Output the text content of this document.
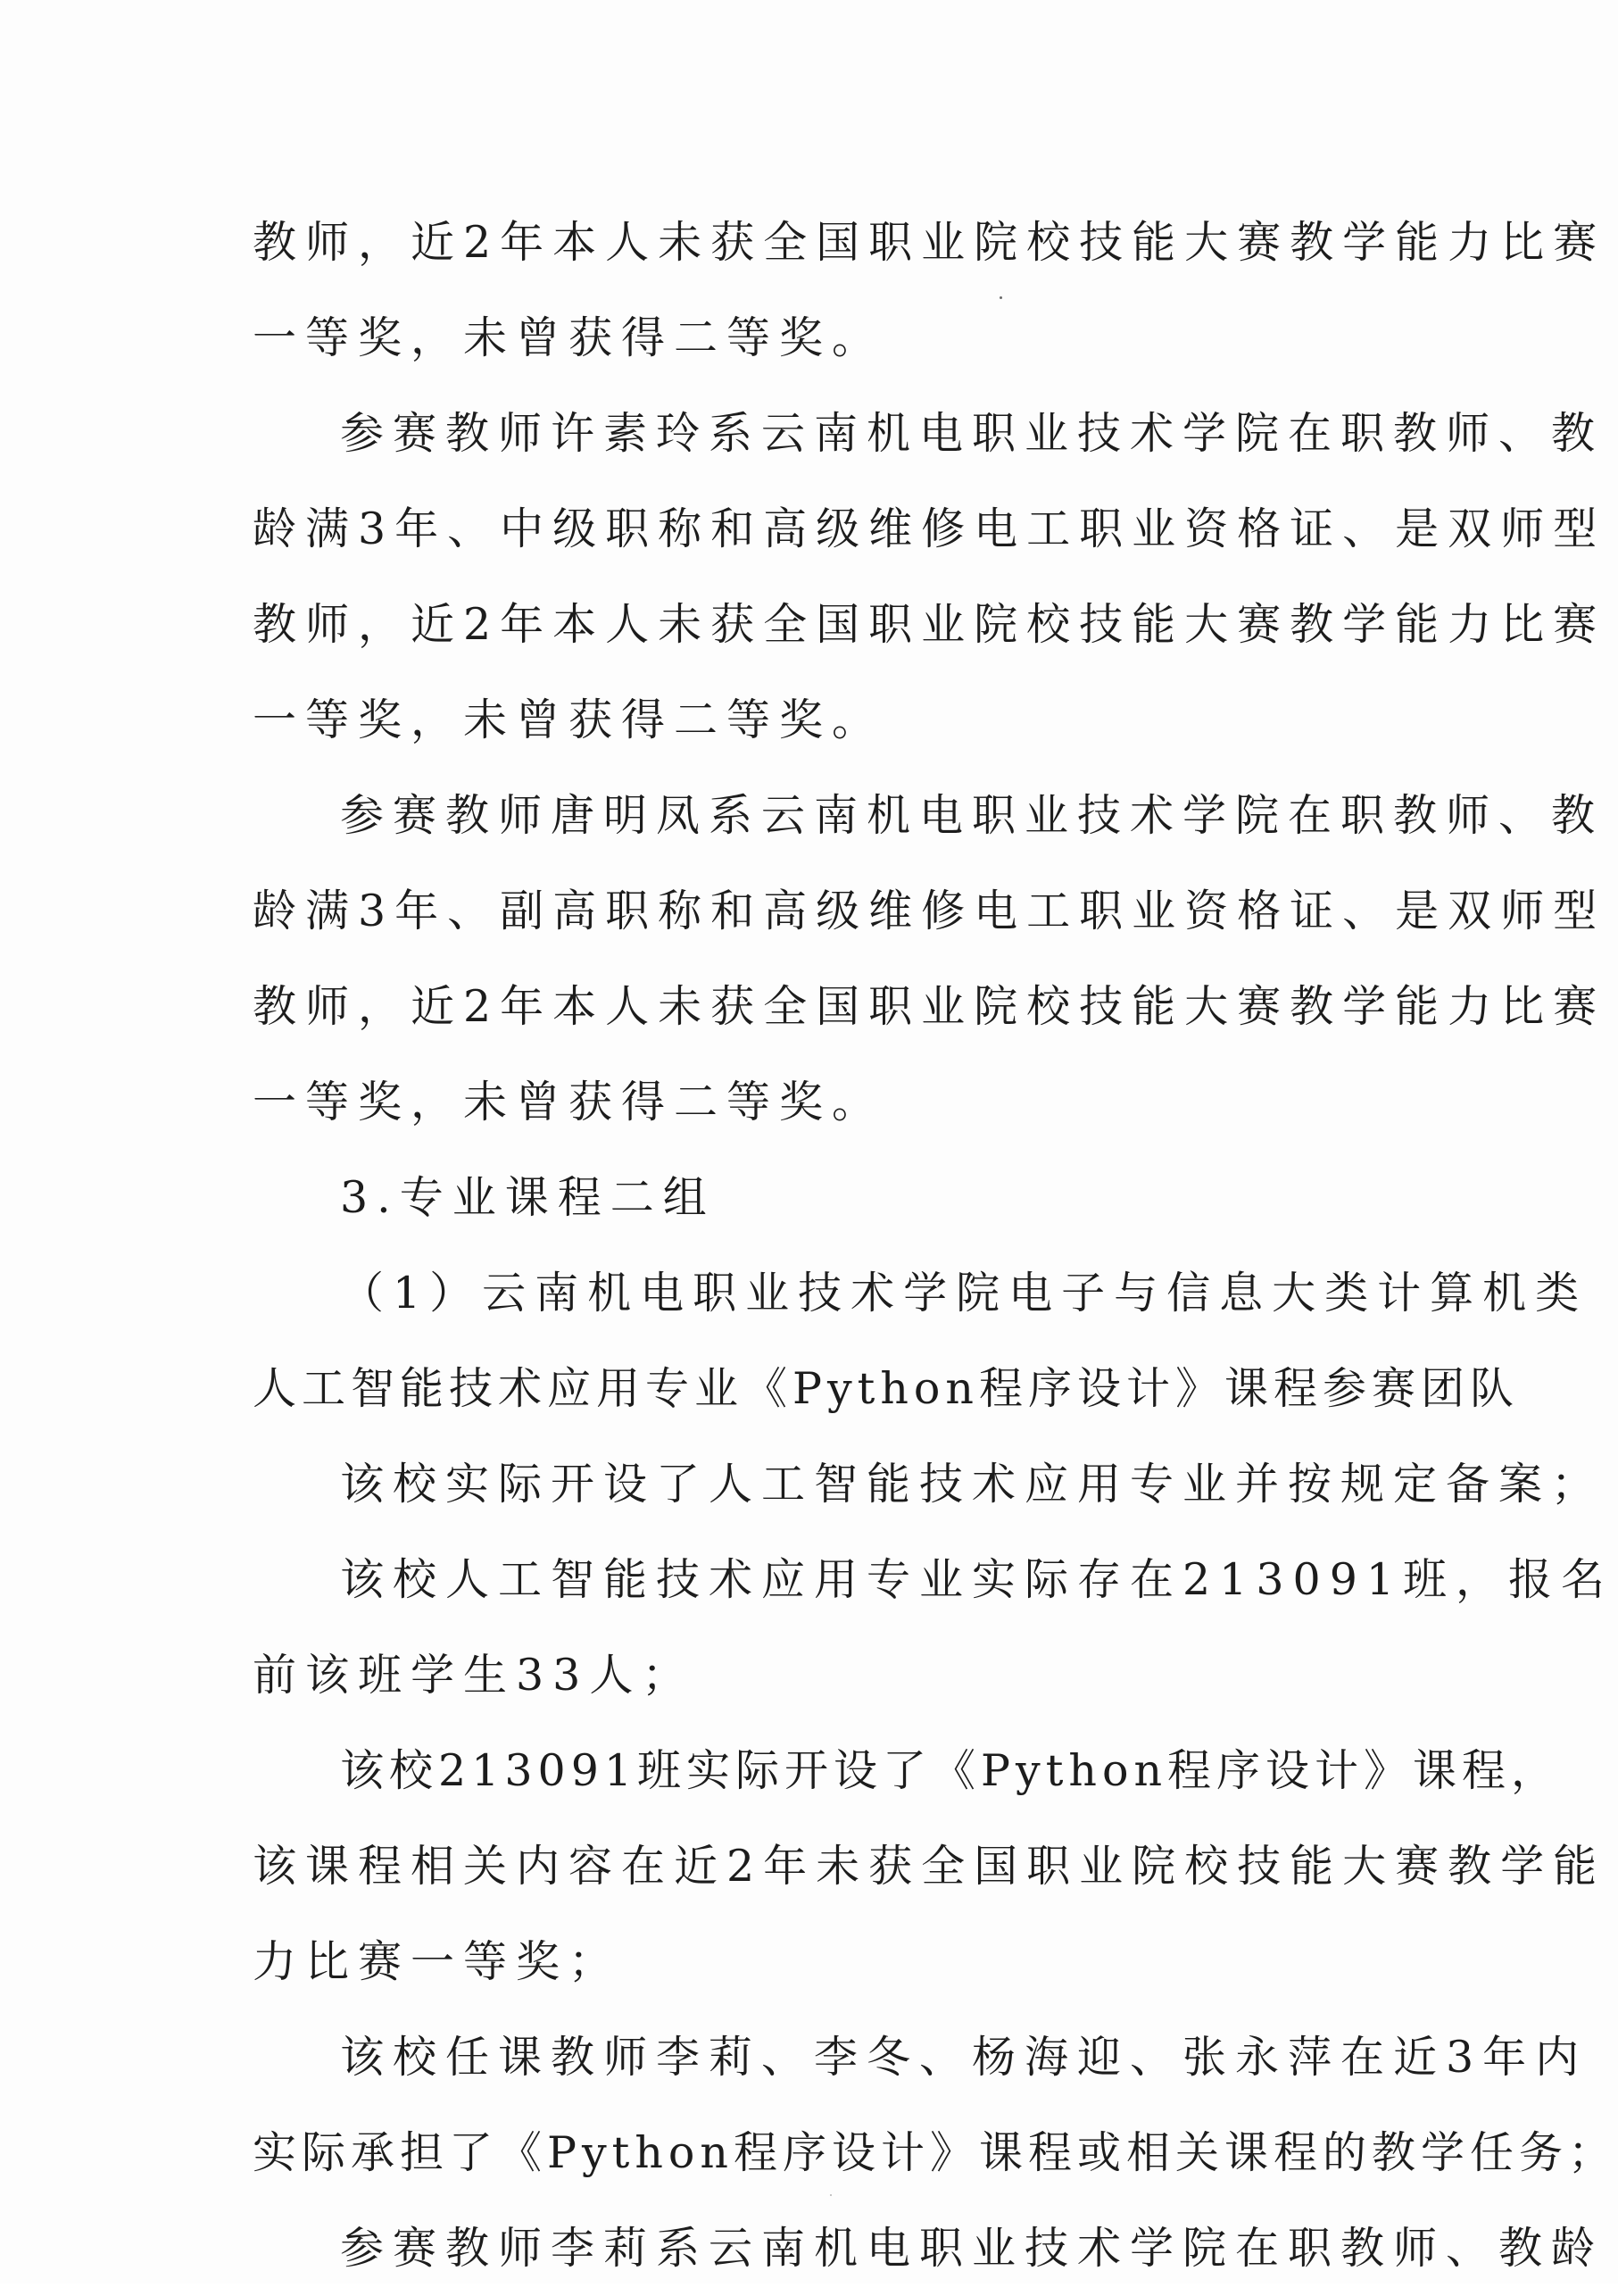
教师，近2年本人未获全国职业院校技能大赛教学能力比赛
一等奖，未曾获得二等奖。
参赛教师许素玲系云南机电职业技术学院在职教师、教
龄满3年、中级职称和高级维修电工职业资格证、是双师型
教师，近2年本人未获全国职业院校技能大赛教学能力比赛
一等奖，未曾获得二等奖。
参赛教师唐明凤系云南机电职业技术学院在职教师、教
龄满3年、副高职称和高级维修电工职业资格证、是双师型
教师，近2年本人未获全国职业院校技能大赛教学能力比赛
一等奖，未曾获得二等奖。
3.专业课程二组
（1）云南机电职业技术学院电子与信息大类计算机类
人工智能技术应用专业《Python程序设计》课程参赛团队
该校实际开设了人工智能技术应用专业并按规定备案；
该校人工智能技术应用专业实际存在213091班，报名
前该班学生33人；
该校213091班实际开设了《Python程序设计》课程，
该课程相关内容在近2年未获全国职业院校技能大赛教学能
力比赛一等奖；
该校任课教师李莉、李冬、杨海迎、张永萍在近3年内
实际承担了《Python程序设计》课程或相关课程的教学任务；
参赛教师李莉系云南机电职业技术学院在职教师、教龄
